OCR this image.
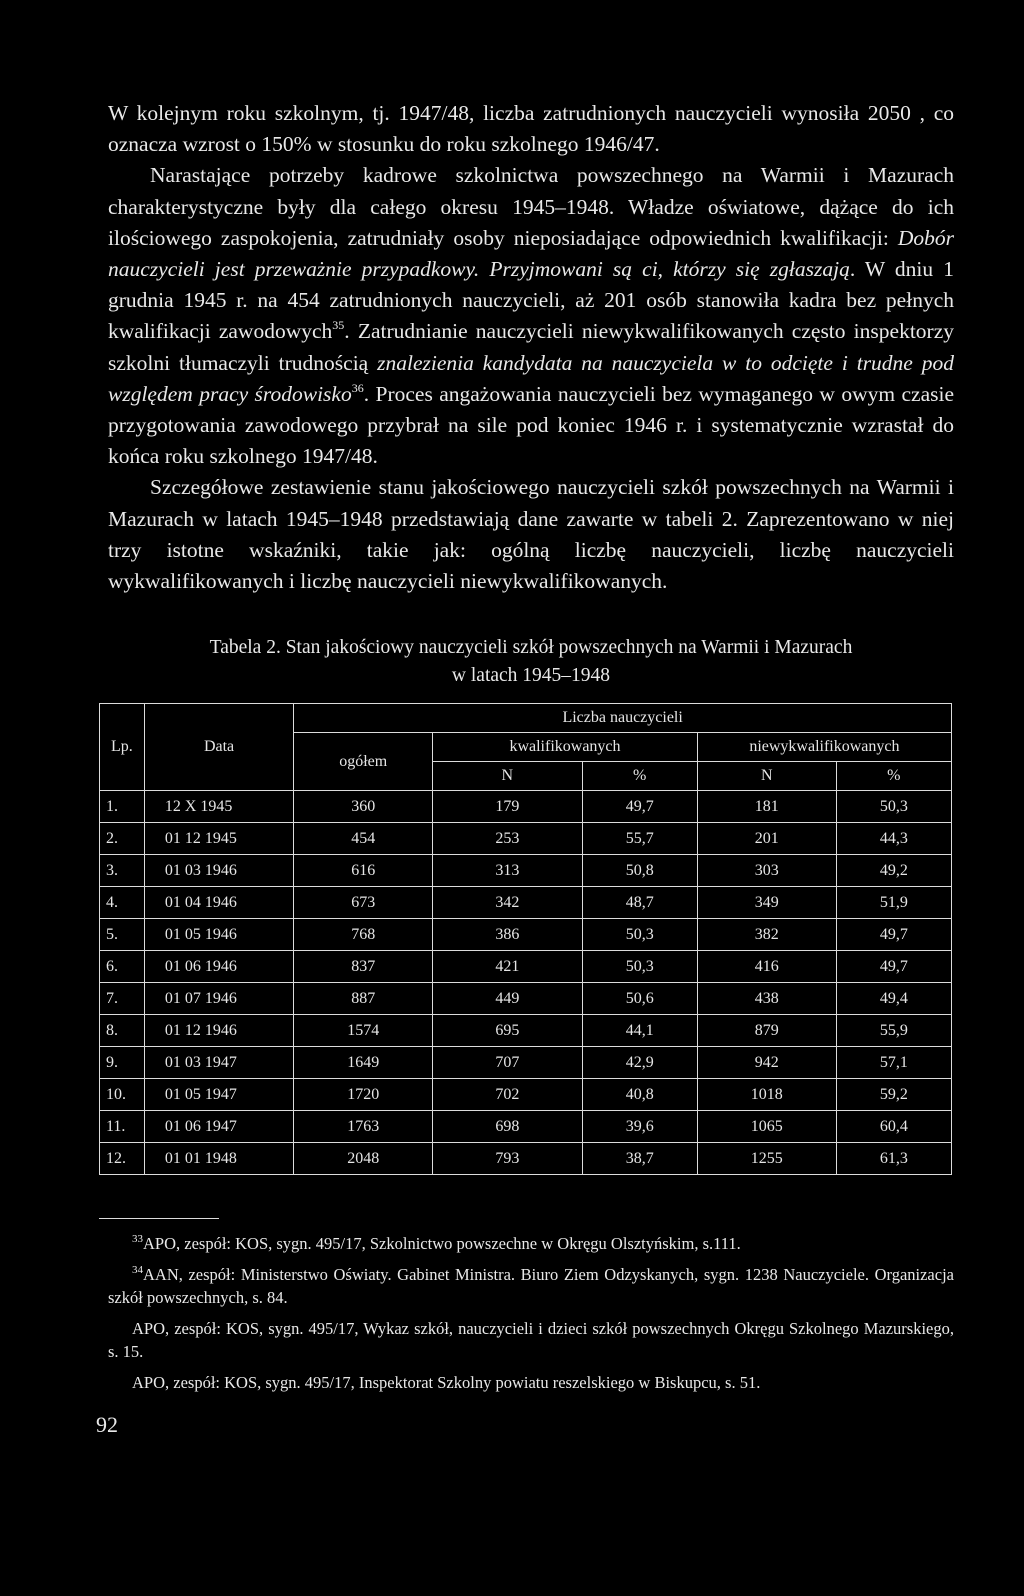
W kolejnym roku szkolnym, tj. 1947/48, liczba zatrudnionych nauczycieli wynosiła 2050 , co oznacza wzrost o 150% w stosunku do roku szkolnego 1946/47.

Narastające potrzeby kadrowe szkolnictwa powszechnego na Warmii i Mazurach charakterystyczne były dla całego okresu 1945–1948. Władze oświatowe, dążące do ich ilościowego zaspokojenia, zatrudniały osoby nieposiadające odpowiednich kwalifikacji: Dobór nauczycieli jest przeważnie przypadkowy. Przyjmowani są ci, którzy się zgłaszają. W dniu 1 grudnia 1945 r. na 454 zatrudnionych nauczycieli, aż 201 osób stanowiła kadra bez pełnych kwalifikacji zawodowych$^{35}$. Zatrudnianie nauczycieli niewykwalifikowanych często inspektorzy szkolni tłumaczyli trudnością znalezienia kandydata na nauczyciela w to odcięte i trudne pod względem pracy środowisko$^{36}$. Proces angażowania nauczycieli bez wymaganego w owym czasie przygotowania zawodowego przybrał na sile pod koniec 1946 r. i systematycznie wzrastał do końca roku szkolnego 1947/48.

Szczegółowe zestawienie stanu jakościowego nauczycieli szkół powszechnych na Warmii i Mazurach w latach 1945–1948 przedstawiają dane zawarte w tabeli 2. Zaprezentowano w niej trzy istotne wskaźniki, takie jak: ogólną liczbę nauczycieli, liczbę nauczycieli wykwalifikowanych i liczbę nauczycieli niewykwalifikowanych.

Tabela 2. Stan jakościowy nauczycieli szkół powszechnych na Warmii i Mazurach
w latach 1945–1948
Lp.	Data	Liczba nauczycieli				
		ogółem	kwalifikowanych		niewykwalifikowanych	
			N	%	N	%
1.	12 X 1945	360	179	49,7	181	50,3
2.	01 12 1945	454	253	55,7	201	44,3
3.	01 03 1946	616	313	50,8	303	49,2
4.	01 04 1946	673	342	48,7	349	51,9
5.	01 05 1946	768	386	50,3	382	49,7
6.	01 06 1946	837	421	50,3	416	49,7
7.	01 07 1946	887	449	50,6	438	49,4
8.	01 12 1946	1574	695	44,1	879	55,9
9.	01 03 1947	1649	707	42,9	942	57,1
10.	01 05 1947	1720	702	40,8	1018	59,2
11.	01 06 1947	1763	698	39,6	1065	60,4
12.	01 01 1948	2048	793	38,7	1255	61,3

$^{33}$APO, zespół: KOS, sygn. 495/17, Szkolnictwo powszechne w Okręgu Olsztyńskim, s.111.

$^{34}$AAN, zespół: Ministerstwo Oświaty. Gabinet Ministra. Biuro Ziem Odzyskanych, sygn. 1238 Nauczyciele. Organizacja szkół powszechnych, s. 84.

APO, zespół: KOS, sygn. 495/17, Wykaz szkół, nauczycieli i dzieci szkół powszechnych Okręgu Szkolnego Mazurskiego, s. 15.

APO, zespół: KOS, sygn. 495/17, Inspektorat Szkolny powiatu reszelskiego w Biskupcu, s. 51.

92
